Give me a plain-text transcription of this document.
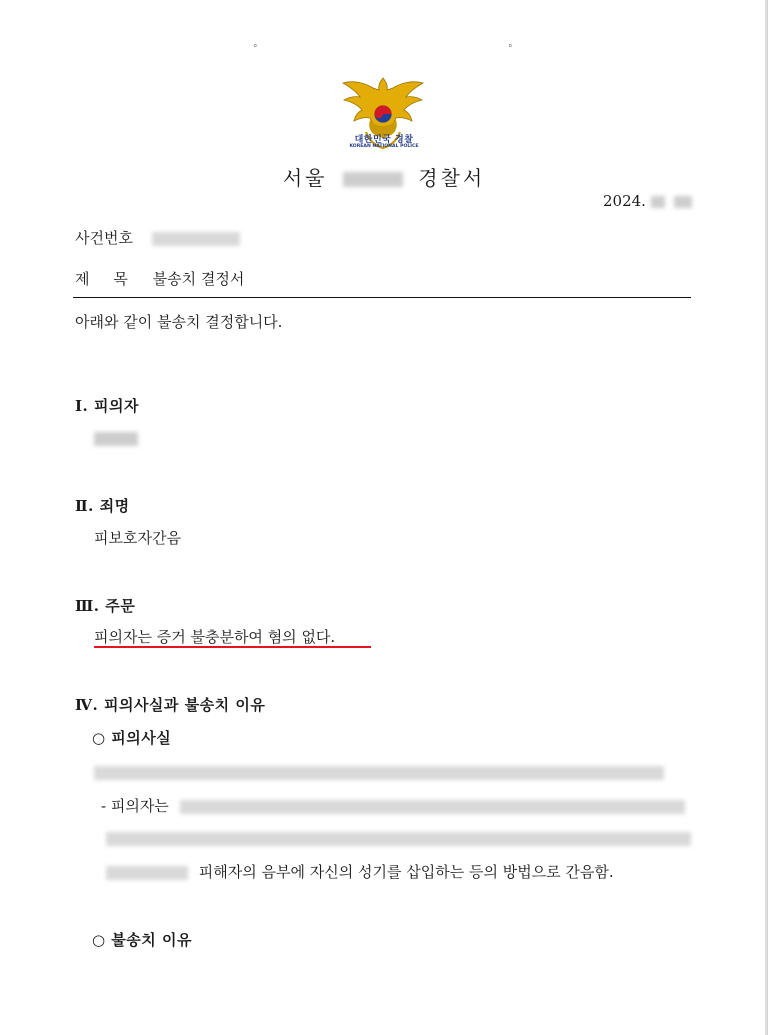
°	°
대한민국 경찰
KOREAN NATIONAL POLICE
서울	경찰서
2024.
사건번호
제     목 불송치 결정서
아래와 같이 불송치 결정합니다.
Ⅰ. 피의자
Ⅱ. 죄명
피보호자간음
Ⅲ. 주문
피의자는 증거 불충분하여 혐의 없다.
Ⅳ. 피의사실과 불송치 이유
○ 피의사실
- 피의자는
피해자의 음부에 자신의 성기를 삽입하는 등의 방법으로 간음함.
○ 불송치 이유
